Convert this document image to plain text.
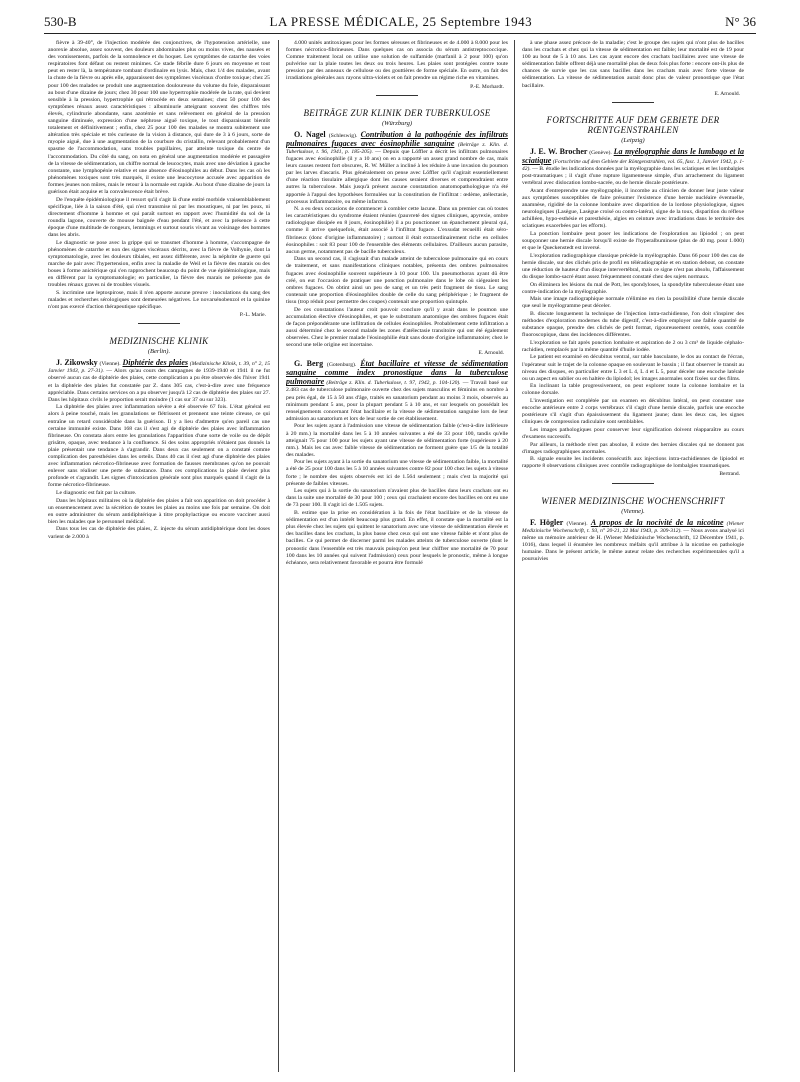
530-B	LA PRESSE MÉDICALE, 25 Septembre 1943	N° 36

fièvre à 39-40°, de l'injection modérée des conjonctives, de l'hypotension artérielle, une anorexie absolue, assez souvent, des douleurs abdominales plus ou moins vives, des nausées et des vomissements, parfois de la somnolence et du hoquet. Les symptômes de catarrhe des voies respiratoires font défaut ou restent minimes. Ce stade fébrile dure 6 jours en moyenne et tout peut en rester là, la température tombant d'ordinaire en lysis. Mais, chez 1/4 des malades, avant la chute de la fièvre ou après elle, apparaissent des symptômes viscéraux d'ordre toxique; chez 25 pour 100 des malades se produit une augmentation douloureuse du volume du foie, disparaissant au bout d'une dizaine de jours; chez 30 pour 100 une hypertrophie modérée de la rate, qui devient sensible à la pression, hypertrophie qui rétrocède en deux semaines; chez 50 pour 100 des symptômes rénaux assez caractéristiques : albuminurie atteignant souvent des chiffres très élevés, cylindrurie abondante, sans azotémie et sans relèvement en général de la pression sanguine diminuée, expression d'une néphrose aiguë toxique, le tout disparaissant bientôt totalement et définitivement ; enfin, chez 25 pour 100 des malades se montra subitement une altération très spéciale et très curieuse de la vision à distance, qui dure de 3 à 6 jours, sorte de myopie aiguë, due à une augmentation de la courbure du cristallin, relevant probablement d'un spasme de l'accommodation, sans troubles pupillaires, par atteinte toxique du centre de l'accommodation. Du côté du sang, on nota en général une augmentation modérée et passagère de la vitesse de sédimentation, un chiffre normal de leucocytes, mais avec une déviation à gauche constante, une lymphopénie relative et une absence d'éosinophiles au début. Dans les cas où les phénomènes toxiques sont très marqués, il existe une leucocytose accusée avec apparition de formes jeunes non mûres, mais le retour à la normale est rapide. Au bout d'une dizaine de jours la guérison était acquise et la convalescence était brève.

De l'enquête épidémiologique il ressort qu'il s'agit là d'une entité morbide vraisemblablement spécifique, liée à la saison d'été, qui n'est transmise ni par les moustiques, ni par les poux, ni directement d'homme à homme et qui paraît surtout en rapport avec l'humidité du sol de la roundla lagone, couverte de mousse baignée d'eau pendant l'été, et avec la présence à cette époque d'une multitude de rongeurs, lemmings et surtout souris vivant au voisinage des hommes dans les abris.

Le diagnostic se pose avec la grippe qui se transmet d'homme à homme, s'accompagne de phénomènes de catarrhe et non des signes viscéraux décrits, avec la fièvre de Volhynie, dont la symptomatologie, avec les douleurs tibiales, est assez différente, avec la néphrite de guerre qui marche de pair avec l'hypertension, enfin avec la maladie de Weil et la fièvre des marais ou des boues à forme anictérique qui s'en rapprochent beaucoup du point de vue épidémiologique, mais en diffèrent par la symptomatologie; en particulier, la fièvre des marais ne présente pas de troubles rénaux graves ni de troubles visuels.

S. incrimine une leptospirose, mais il n'en apporte aucune preuve : inoculations du sang des malades et recherches sérologiques sont demeurées négatives. Le novarsénobenzol et la quinine n'ont pas exercé d'action thérapeutique spécifique.

P.-L. Marie.
MEDIZINISCHE KLINIK
(Berlin).

J. Zikowsky (Vienne). Diphtérie des plaies (Medizinische Klinik, t. 39, n° 2, 15 Janvier 1943, p. 27-31). — Alors qu'au cours des campagnes de 1939-1940 et 1941 il ne fut observé aucun cas de diphtérie des plaies, cette complication a pu être observée dès l'hiver 1941 et la diphtérie des plaies fut constatée par Z. dans 305 cas, c'est-à-dire avec une fréquence appréciable. Dans certains services on a pu observer jusqu'à 12 cas de diphtérie des plaies sur 27. Dans les hôpitaux civils le proportion serait moindre (1 cas sur 37 ou sur 323).

La diphtérie des plaies avec inflammation sévère a été observée 67 fois. L'état général est alors à peine touché, mais les granulations se flétrissent et prennent une teinte cireuse, ce qui entraîne un retard considérable dans la guérison. Il y a lieu d'admettre qu'en pareil cas une certaine immunité existe. Dans 168 cas il s'est agi de diphtérie des plaies avec inflammation fibrineuse. On constata alors entre les granulations l'apparition d'une sorte de voile ou de dépôt grisâtre, opaque, avec tendance à la confluence. Si des soins appropriés n'étaient pas donnés la plaie présentait une tendance à s'agrandir. Dans deux cas seulement on a constaté comme complication des paresthésies dans les orteils. Dans 40 cas il s'est agi d'une diphtérie des plaies avec inflammation nécrotico-fibrineuse avec formation de fausses membranes qu'on ne pouvait enlever sans réaliser une perte de substance. Dans ces complications la plaie devient plus profonde et s'agrandit. Les signes d'intoxication générale sont plus marqués quand il s'agit de la forme nécrotico-fibrineuse.

Le diagnostic est fait par la culture.

Dans les hôpitaux militaires où la diphtérie des plaies a fait son apparition on doit procéder à un ensemencement avec la sécrétion de toutes les plaies au moins une fois par semaine. On doit en outre administrer du sérum antidiphtérique à titre prophylactique ou encore vacciner aussi bien les malades que le personnel médical.

Dans tous les cas de diphtérie des plaies, Z. injecte du sérum antidiphtérique dont les doses varient de 2.000 à

4.000 unités antitoxiques pour les formes séreuses et fibrineuses et de 4.000 à 8.000 pour les formes nécrotico-fibrineuses. Dans quelques cas on associa du sérum antistreptococcique. Comme traitement local on utilise une solution de sulfamide (marfanil à 2 pour 100) qu'on pulvérise sur la plaie toutes les deux ou trois heures. Les plaies sont protégées contre toute pression par des anneaux de cellulose ou des gouttières de forme spéciale. En outre, on fait des irradiations générales aux rayons ultra-violets et on fait prendre un régime riche en vitamines.

P.-E. Morhardt.
BEITRÄGE ZUR KLINIK DER TUBERKULOSE
(Würzburg)

O. Nagel (Schleswig). Contribution à la pathogénie des infiltrats pulmonaires fugaces avec éosinophilie sanguine (Beiträge z. Klin. d. Tuberkulose, t. 96, 1941, p. 185-205). — Depuis que Löffler a décrit les infiltrats pulmonaires fugaces avec éosinophilie (il y a 10 ans) on en a rapporté un assez grand nombre de cas, mais leurs causes restent fort obscures, R. W. Müller a incliné à les réduire à une invasion du poumon par les larves d'ascaris. Plus généralement on pense avec Löffler qu'il s'agirait essentiellement d'une réaction tissulaire allergique dont les causes seraient diverses et comprendraient entre autres la tuberculose. Mais jusqu'à présent aucune constatation anatomopathologique n'a été apportée à l'appui des hypothèses formulées sur la constitution de l'infiltrat : œdème, atélectasie, processus inflammatoire, ou même infarctus.

N. a eu deux occasions de commencer à combler cette lacune. Dans un premier cas où toutes les caractéristiques du syndrome étaient réunies (pauvreté des signes cliniques, apyrexie, ombre radiologique dissipée en 8 jours, éosinophilie) il a pu ponctionner un épanchement pleural qui, comme il arrive quelquefois, était associé à l'infiltrat fugace. L'exsudat recueilli était séro-fibrineux (donc d'origine inflammatoire) ; surtout il était extraordinairement riche en cellules éosinophiles : soit 83 pour 100 de l'ensemble des éléments cellulaires. D'ailleurs aucun parasite, aucun germe, notamment pas de bacille tuberculeux.

Dans un second cas, il s'agissait d'un malade atteint de tuberculose pulmonaire qui en cours de traitement, et sans manifestations cliniques notables, présenta des ombres pulmonaires fugaces avec éosinophilie souvent supérieure à 10 pour 100. Un pneumothorax ayant dû être créé, on eut l'occasion de pratiquer une ponction pulmonaire dans le lobe où siégeaient les ombres fugaces. On obtint ainsi un peu de sang et un très petit fragment de tissu. Le sang contenait une proportion d'éosinophiles double de celle du sang périphérique ; le fragment de tissu (trop réduit pour permettre des coupes) contenait une proportion quintuple.

De ces constatations l'auteur croit pouvoir conclure qu'il y avait dans le poumon une accumulation élective d'éosinophiles, et que le substratum anatomique des ombres fugaces était de façon prépondérante une infiltration de cellules éosinophiles. Probablement cette infiltration a aussi déterminé chez le second malade les zones d'atélectasie transitoire qui ont été également observées. Chez le premier malade l'éosinophilie était sans doute d'origine inflammatoire; chez le second une telle origine est incertaine.

E. Arnould.

G. Berg (Gotenburg). État bacillaire et vitesse de sédimentation sanguine comme index pronostique dans la tuberculose pulmonaire (Beiträge z. Klin. d. Tuberkulose, t. 97, 1942, p. 104-120). — Travail basé sur 2.483 cas de tuberculose pulmonaire ouverte chez des sujets masculins et féminins en nombre à peu près égal, de 15 à 50 ans d'âge, traités en sanatorium pendant au moins 3 mois, observés au minimum pendant 5 ans, pour la plupart pendant 5 à 10 ans, et sur lesquels on possédait les renseignements concernant l'état bacillaire et la vitesse de sédimentation sanguine lors de leur admission au sanatorium et lors de leur sortie de cet établissement.

Pour les sujets ayant à l'admission une vitesse de sédimentation faible (c'est-à-dire inférieure à 20 mm.) la mortalité dans les 5 à 10 années suivantes a été de 33 pour 100, tandis qu'elle atteignait 75 pour 100 pour les sujets ayant une vitesse de sédimentation forte (supérieure à 20 mm.). Mais les cas avec faible vitesse de sédimentation ne forment guère que 1/5 de la totalité des malades.

Pour les sujets ayant à la sortie du sanatorium une vitesse de sédimentation faible, la mortalité a été de 25 pour 100 dans les 5 à 10 années suivantes contre 82 pour 100 chez les sujets à vitesse forte ; le nombre des sujets observés est ici de 1.564 seulement ; mais c'est la majorité qui présente de faibles vitesses.

Les sujets qui à la sortie du sanatorium n'avaient plus de bacilles dans leurs crachats ont eu dans la suite une mortalité de 30 pour 100 ; ceux qui crachaient encore des bacilles en ont eu une de 73 pour 100. Il s'agit ici de 1.505 sujets.

B. estime que la prise en considération à la fois de l'état bacillaire et de la vitesse de sédimentation est d'un intérêt beaucoup plus grand. En effet, il constate que la mortalité est la plus élevée chez les sujets qui quittent le sanatorium avec une vitesse de sédimentation élevée et des bacilles dans les crachats, la plus basse chez ceux qui ont une vitesse faible et n'ont plus de bacilles. Ce qui permet de discerner parmi les malades atteints de tuberculose ouverte (dont le pronostic dans l'ensemble est très mauvais puisqu'on peut leur chiffrer une mortalité de 70 pour 100 dans les 10 années qui suivent l'admission) ceux pour lesquels le pronostic, même à longue échéance, sera relativement favorable et pourra être formulé

à une phase assez précoce de la maladie; c'est le groupe des sujets qui n'ont plus de bacilles dans les crachats et chez qui la vitesse de sédimentation est faible; leur mortalité est de 19 pour 100 au bout de 5 à 10 ans. Les cas ayant encore des crachats bacillaires avec une vitesse de sédimentation faible offrent déjà une mortalité plus de deux fois plus forte : encore ont-ils plus de chances de survie que les cas sans bacilles dans les crachats mais avec forte vitesse de sédimentation. La vitesse de sédimentation aurait donc plus de valeur pronostique que l'état bacillaire.

E. Arnould.
FORTSCHRITTE AUF DEM GEBIETE DER RŒNTGENSTRAHLEN
(Leipzig)

J. E. W. Brocher (Genève). La myélographie dans le lumbago et la sciatique (Fortschritte auf dem Gebiete der Röntgenstrahlen, vol. 65, fasc. 1, Janvier 1942, p. 1-42). — B. étudie les indications données par la myélographie dans les sciatiques et les lombalgies post-traumatiques ; il s'agit d'une rupture ligamenteuse simple, d'un arrachement du ligament vertébral avec dislocation lombo-sacrée, ou de hernie discale postérieure.

Avant d'entreprendre une myélographie, il incombe au clinicien de donner leur juste valeur aux symptômes susceptibles de faire présumer l'existence d'une hernie nucléaire éventuelle, anamnèse, rigidité de la colonne lombaire avec disparition de la lordose physiologique, signes neurologiques (Lasègue, Lasègue croisé ou contro-latéral, signe de la toux, disparition du réflexe achilléen, hypo-esthésie et paresthésie, algies en ceinture avec irradiations dans le territoire des sciatiques exacerbées par les efforts).

La ponction lombaire peut poser les indications de l'exploration au lipiodol ; on peut soupçonner une hernie discale lorsqu'il existe de l'hyperalbuminose (plus de 40 mg. pour 1.000) et que le Queckenstedt est inversé.

L'exploration radiographique classique précède la myélographie. Dans 66 pour 100 des cas de hernie discale, sur des clichés pris de profil en téléradiographie et en station debout, on constate une réduction de hauteur d'un disque intervertébral, mais ce signe n'est pas absolu, l'affaissement du disque lombo-sacré étant assez fréquemment constaté chez des sujets normaux.

On éliminera les lésions du mal de Pott, les spondyloses, la spondylite tuberculeuse étant une contre-indication de la myélographie.

Mais une image radiographique normale n'élimine en rien la possibilité d'une hernie discale que seul le myélogramme peut déceler.

B. discute longuement la technique de l'injection intra-rachidienne, l'on doit s'inspirer des méthodes d'exploration modernes du tube digestif, c'est-à-dire employer une faible quantité de substance opaque, prendre des clichés de petit format, rigoureusement centrés, sous contrôle fluoroscopique, dans des incidences différentes.

L'exploration se fait après ponction lombaire et aspiration de 2 ou 3 cm³ de liquide céphalo-rachidien, remplacés par la même quantité d'huile iodée.

Le patient est examiné en décubitus ventral, sur table basculante, le dos au contact de l'écran, l'opérateur suit le trajet de la colonne opaque en soulevant le bassin ; il faut observer le transit au niveau des disques, en particulier entre L 3 et L 4, L 4 et L 5, pour déceler une encoche latérale ou un aspect en sablier ou en haltère du lipiodol; les images anormales sont fixées sur des films.

En inclinant la table progressivement, on peut explorer toute la colonne lombaire et la colonne dorsale.

L'investigation est complétée par un examen en décubitus latéral, on peut constater une encoche antérieure entre 2 corps vertébraux s'il s'agit d'une hernie discale, parfois une encoche postérieure s'il s'agit d'un épaississement du ligament jaune; dans les deux cas, les signes cliniques de compression radiculaire sont semblables.

Les images pathologiques pour conserver leur signification doivent réapparaître au cours d'examens successifs.

Par ailleurs, la méthode n'est pas absolue, il existe des hernies discales qui ne donnent pas d'images radiographiques anormales.

B. signale ensuite les incidents consécutifs aux injections intra-rachidiennes de lipiodol et rapporte 8 observations cliniques avec contrôle radiographique de lombalgies traumatiques.

Bertrand.
WIENER MEDIZINISCHE WOCHENSCHRIFT
(Vienne).

F. Högler (Vienne). A propos de la nocivité de la nicotine (Wiener Medizinische Wochenschrift, t. 93, n° 20-21, 22 Mai 1943, p. 309-312). — Nous avons analysé ici même un mémoire antérieur de H. (Wiener Medizinische Wochenschrift, 12 Décembre 1941, p. 1016), dans lequel il énumère les nombreux méfaits qu'il attribue à la nicotine en pathologie humaine. Dans le présent article, le même auteur relate des recherches expérimentales qu'il a poursuivies
